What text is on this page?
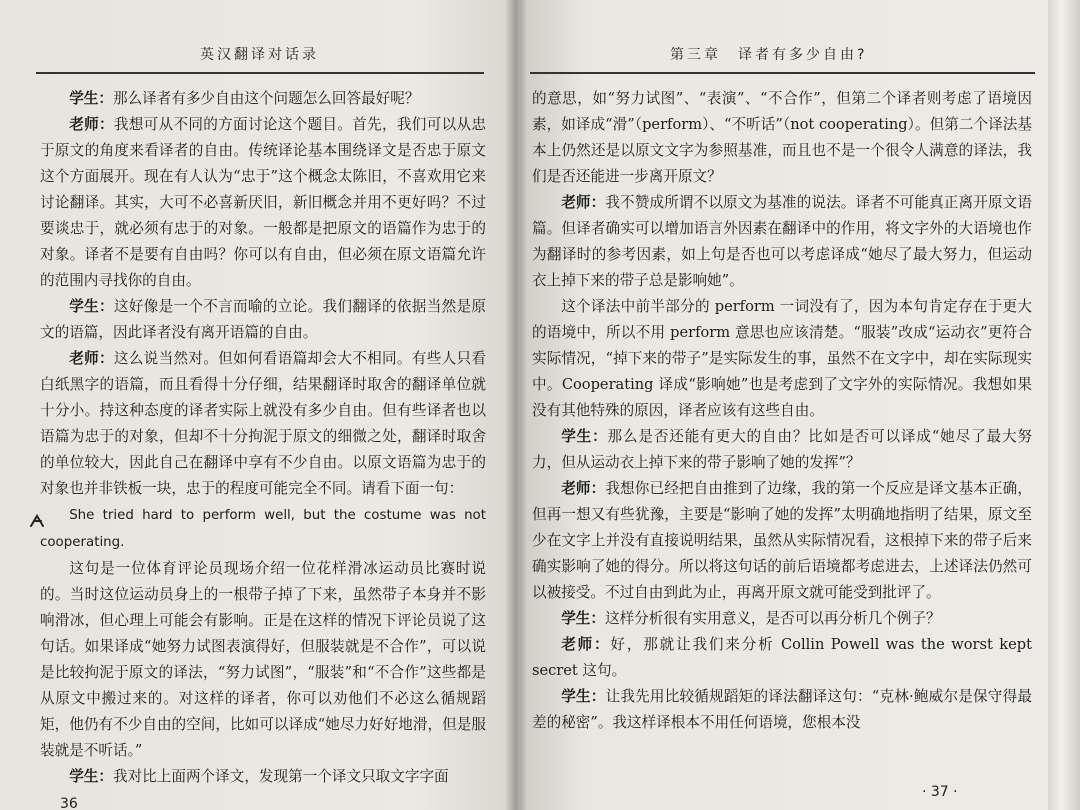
英汉翻译对话录

学生：那么译者有多少自由这个问题怎么回答最好呢？

老师：我想可从不同的方面讨论这个题目。首先，我们可以从忠于原文的角度来看译者的自由。传统译论基本围绕译文是否忠于原文这个方面展开。现在有人认为“忠于”这个概念太陈旧，不喜欢用它来讨论翻译。其实，大可不必喜新厌旧，新旧概念并用不更好吗？不过要谈忠于，就必须有忠于的对象。一般都是把原文的语篇作为忠于的对象。译者不是要有自由吗？你可以有自由，但必须在原文语篇允许的范围内寻找你的自由。

学生：这好像是一个不言而喻的立论。我们翻译的依据当然是原文的语篇，因此译者没有离开语篇的自由。

老师：这么说当然对。但如何看语篇却会大不相同。有些人只看白纸黑字的语篇，而且看得十分仔细，结果翻译时取舍的翻译单位就十分小。持这种态度的译者实际上就没有多少自由。但有些译者也以语篇为忠于的对象，但却不十分拘泥于原文的细微之处，翻译时取舍的单位较大，因此自己在翻译中享有不少自由。以原文语篇为忠于的对象也并非铁板一块，忠于的程度可能完全不同。请看下面一句：

She tried hard to perform well, but the costume was not cooperating.

这句是一位体育评论员现场介绍一位花样滑冰运动员比赛时说的。当时这位运动员身上的一根带子掉了下来，虽然带子本身并不影响滑冰，但心理上可能会有影响。正是在这样的情况下评论员说了这句话。如果译成“她努力试图表演得好，但服装就是不合作”，可以说是比较拘泥于原文的译法，“努力试图”，“服装”和“不合作”这些都是从原文中搬过来的。对这样的译者，你可以劝他们不必这么循规蹈矩，他仍有不少自由的空间，比如可以译成“她尽力好好地滑，但是服装就是不听话。”

学生：我对比上面两个译文，发现第一个译文只取文字字面

36
第三章　译者有多少自由?

的意思，如“努力试图”、“表演”、“不合作”，但第二个译者则考虑了语境因素，如译成“滑”（perform）、“不听话”（not cooperating）。但第二个译法基本上仍然还是以原文文字为参照基准，而且也不是一个很令人满意的译法，我们是否还能进一步离开原文？

老师：我不赞成所谓不以原文为基准的说法。译者不可能真正离开原文语篇。但译者确实可以增加语言外因素在翻译中的作用，将文字外的大语境也作为翻译时的参考因素，如上句是否也可以考虑译成“她尽了最大努力，但运动衣上掉下来的带子总是影响她”。

这个译法中前半部分的 perform 一词没有了，因为本句肯定存在于更大的语境中，所以不用 perform 意思也应该清楚。“服装”改成“运动衣”更符合实际情况，“掉下来的带子”是实际发生的事，虽然不在文字中，却在实际现实中。Cooperating 译成“影响她”也是考虑到了文字外的实际情况。我想如果没有其他特殊的原因，译者应该有这些自由。

学生：那么是否还能有更大的自由？比如是否可以译成“她尽了最大努力，但从运动衣上掉下来的带子影响了她的发挥”？

老师：我想你已经把自由推到了边缘，我的第一个反应是译文基本正确，但再一想又有些犹豫，主要是“影响了她的发挥”太明确地指明了结果，原文至少在文字上并没有直接说明结果，虽然从实际情况看，这根掉下来的带子后来确实影响了她的得分。所以将这句话的前后语境都考虑进去，上述译法仍然可以被接受。不过自由到此为止，再离开原文就可能受到批评了。

学生：这样分析很有实用意义，是否可以再分析几个例子？

老师：好，那就让我们来分析 Collin Powell was the worst kept secret 这句。

学生：让我先用比较循规蹈矩的译法翻译这句：“克林·鲍威尔是保守得最差的秘密”。我这样译根本不用任何语境，您根本没

· 37 ·
